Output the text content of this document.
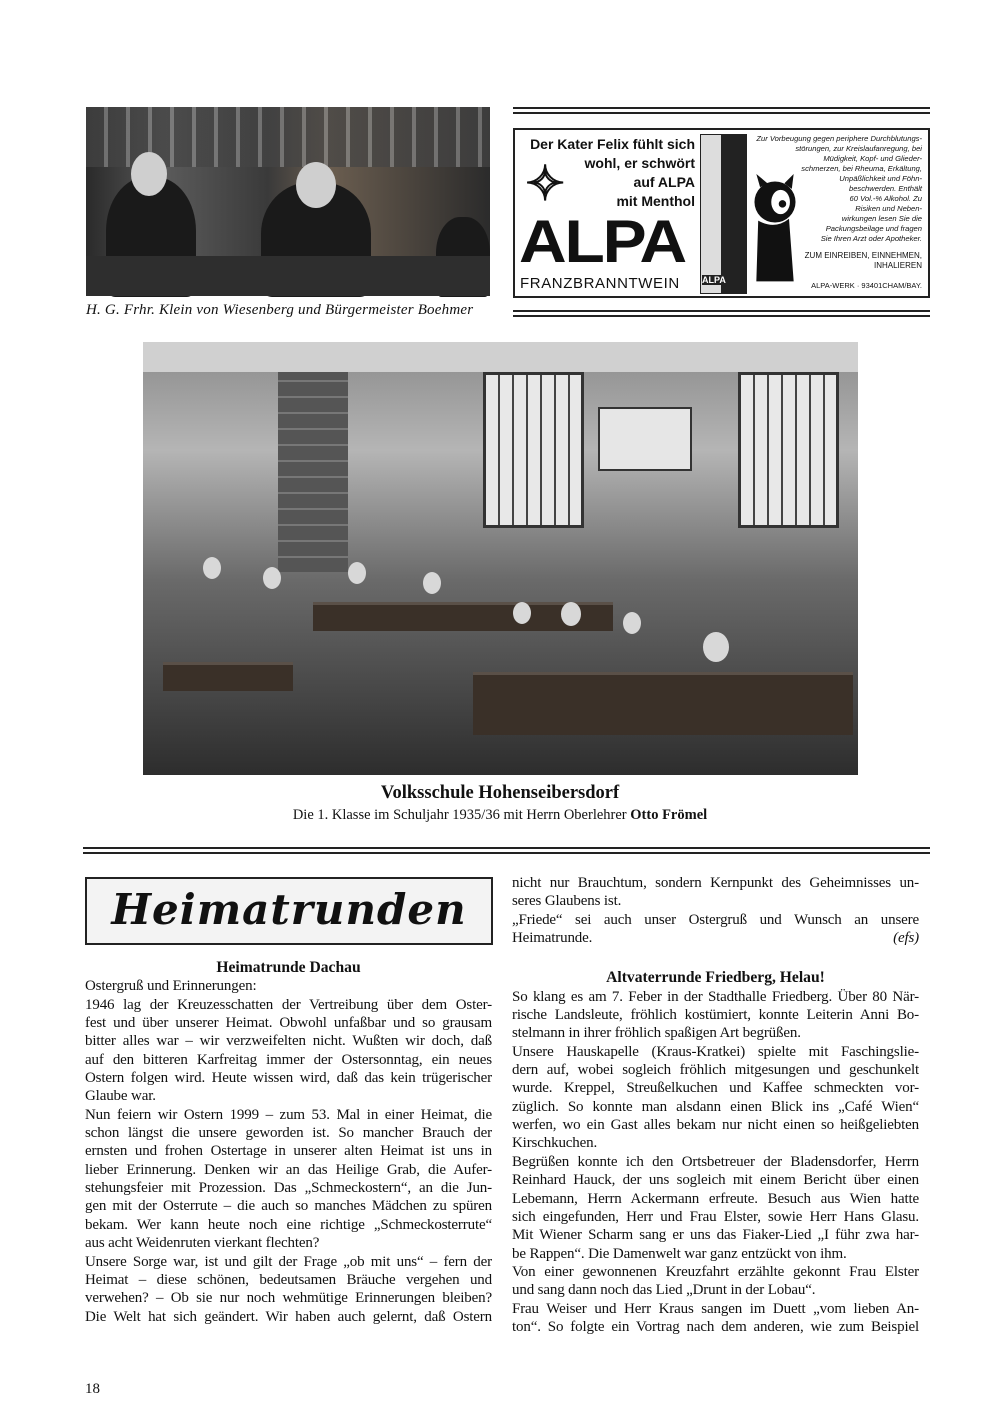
H. G. Frhr. Klein von Wiesenberg und Bürgermeister Boehmer
ALPA
✧
Der Kater Felix fühlt sich
wohl, er schwört
auf ALPA
mit Menthol
ALPA
FRANZBRANNTWEIN
Zur Vorbeugung gegen periphere Durchblutungs-
störungen, zur Kreislaufanregung, bei
Müdigkeit, Kopf- und Glieder-
schmerzen, bei Rheuma, Erkältung,
Unpäßlichkeit und Föhn-
beschwerden. Enthält
60 Vol.-% Alkohol. Zu
Risiken und Neben-
wirkungen lesen Sie die
Packungsbeilage und fragen
Sie Ihren Arzt oder Apotheker.
ZUM EINREIBEN, EINNEHMEN,
INHALIEREN
ALPA-WERK · 93401CHAM/BAY.
Volksschule Hohenseibersdorf
Die 1. Klasse im Schuljahr 1935/36 mit Herrn Oberlehrer Otto Frömel
Heimatrunden
Heimatrunde Dachau
Ostergruß und Erinnerungen:
1946 lag der Kreuzesschatten der Vertreibung über dem Oster-
fest und über unserer Heimat. Obwohl unfaßbar und so grausam
bitter alles war – wir verzweifelten nicht. Wußten wir doch, daß
auf den bitteren Karfreitag immer der Ostersonntag, ein neues
Ostern folgen wird. Heute wissen wird, daß das kein trügerischer
Glaube war.
Nun feiern wir Ostern 1999 – zum 53. Mal in einer Heimat, die
schon längst die unsere geworden ist. So mancher Brauch der
ernsten und frohen Ostertage in unserer alten Heimat ist uns in
lieber Erinnerung. Denken wir an das Heilige Grab, die Aufer-
stehungsfeier mit Prozession. Das „Schmeckostern“, an die Jun-
gen mit der Osterrute – die auch so manches Mädchen zu spüren
bekam. Wer kann heute noch eine richtige „Schmeckosterrute“
aus acht Weidenruten vierkant flechten?
Unsere Sorge war, ist und gilt der Frage „ob mit uns“ – fern der
Heimat – diese schönen, bedeutsamen Bräuche vergehen und
verwehen? – Ob sie nur noch wehmütige Erinnerungen bleiben?
Die Welt hat sich geändert. Wir haben auch gelernt, daß Ostern
nicht nur Brauchtum, sondern Kernpunkt des Geheimnisses un-
seres Glaubens ist.
„Friede“ sei auch unser Ostergruß und Wunsch an unsere
Heimatrunde.	(efs)
Altvaterrunde Friedberg, Helau!
So klang es am 7. Feber in der Stadthalle Friedberg. Über 80 När-
rische Landsleute, fröhlich kostümiert, konnte Leiterin Anni Bo-
stelmann in ihrer fröhlich spaßigen Art begrüßen.
Unsere Hauskapelle (Kraus-Kratkei) spielte mit Faschingslie-
dern auf, wobei sogleich fröhlich mitgesungen und geschunkelt
wurde. Kreppel, Streußelkuchen und Kaffee schmeckten vor-
züglich. So konnte man alsdann einen Blick ins „Café Wien“
werfen, wo ein Gast alles bekam nur nicht einen so heißgeliebten
Kirschkuchen.
Begrüßen konnte ich den Ortsbetreuer der Bladensdorfer, Herrn
Reinhard Hauck, der uns sogleich mit einem Bericht über einen
Lebemann, Herrn Ackermann erfreute. Besuch aus Wien hatte
sich eingefunden, Herr und Frau Elster, sowie Herr Hans Glasu.
Mit Wiener Scharm sang er uns das Fiaker-Lied „I führ zwa har-
be Rappen“. Die Damenwelt war ganz entzückt von ihm.
Von einer gewonnenen Kreuzfahrt erzählte gekonnt Frau Elster
und sang dann noch das Lied „Drunt in der Lobau“.
Frau Weiser und Herr Kraus sangen im Duett „vom lieben An-
ton“. So folgte ein Vortrag nach dem anderen, wie zum Beispiel
18
